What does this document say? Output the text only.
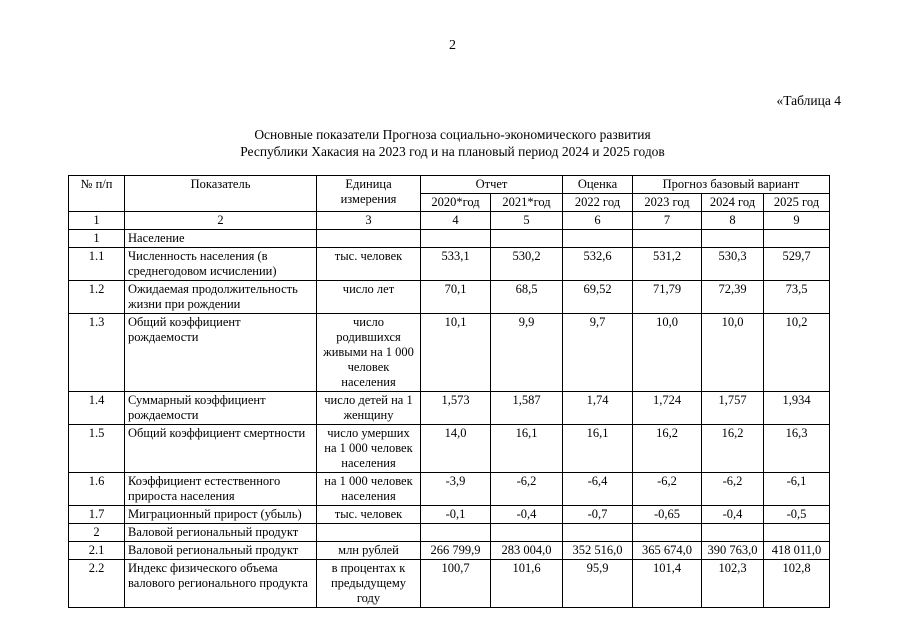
2
«Таблица 4
Основные показатели Прогноза социально-экономического развития
Республики Хакасия на 2023 год и на плановый период 2024 и 2025 годов
№ п/п	Показатель	Единица измерения	Отчет		Оценка	Прогноз базовый вариант		
			2020*год	2021*год	2022 год	2023 год	2024 год	2025 год
1	2	3	4	5	6	7	8	9
1	Население							
1.1	Численность населения (в среднегодовом исчислении)	тыс. человек	533,1	530,2	532,6	531,2	530,3	529,7
1.2	Ожидаемая продолжительность жизни при рождении	число лет	70,1	68,5	69,52	71,79	72,39	73,5
1.3	Общий коэффициент рождаемости	число родившихся живыми на 1 000 человек населения	10,1	9,9	9,7	10,0	10,0	10,2
1.4	Суммарный коэффициент рождаемости	число детей на 1 женщину	1,573	1,587	1,74	1,724	1,757	1,934
1.5	Общий коэффициент смертности	число умерших на 1 000 человек населения	14,0	16,1	16,1	16,2	16,2	16,3
1.6	Коэффициент естественного прироста населения	на 1 000 человек населения	-3,9	-6,2	-6,4	-6,2	-6,2	-6,1
1.7	Миграционный прирост (убыль)	тыс. человек	-0,1	-0,4	-0,7	-0,65	-0,4	-0,5
2	Валовой региональный продукт							
2.1	Валовой региональный продукт	млн рублей	266 799,9	283 004,0	352 516,0	365 674,0	390 763,0	418 011,0
2.2	Индекс физического объема валового регионального продукта	в процентах к предыдущему году	100,7	101,6	95,9	101,4	102,3	102,8
